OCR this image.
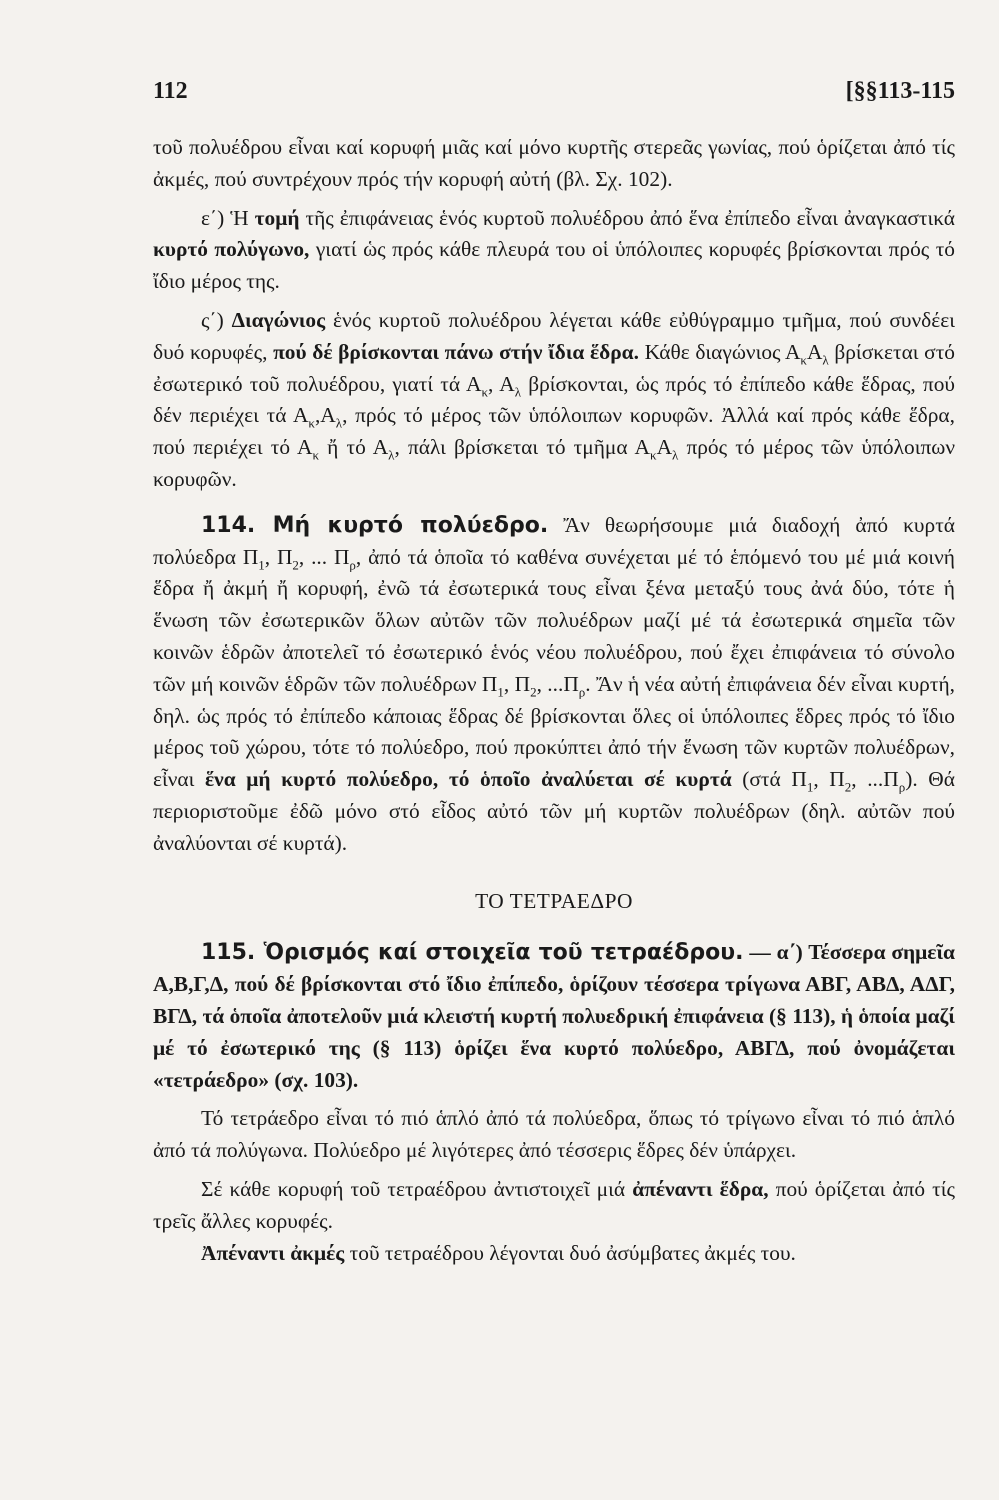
112	[§§113-115

τοῦ πολυέδρου εἶναι καί κορυφή μιᾶς καί μόνο κυρτῆς στερεᾶς γωνίας, πού ὁρίζεται ἀπό τίς ἀκμές, πού συντρέχουν πρός τήν κορυφή αὐτή (βλ. Σχ. 102).

ε΄) Ἡ τομή τῆς ἐπιφάνειας ἑνός κυρτοῦ πολυέδρου ἀπό ἕνα ἐπίπεδο εἶναι ἀναγκαστικά κυρτό πολύγωνο, γιατί ὡς πρός κάθε πλευρά του οἱ ὑπόλοιπες κορυφές βρίσκονται πρός τό ἴδιο μέρος της.

ς΄) Διαγώνιος ἑνός κυρτοῦ πολυέδρου λέγεται κάθε εὐθύγραμμο τμῆμα, πού συνδέει δυό κορυφές, πού δέ βρίσκονται πάνω στήν ἴδια ἕδρα. Κάθε διαγώνιος $A_\kappa A_\lambda$ βρίσκεται στό ἐσωτερικό τοῦ πολυέδρου, γιατί τά $A_\kappa$, $A_\lambda$ βρίσκονται, ὡς πρός τό ἐπίπεδο κάθε ἕδρας, πού δέν περιέχει τά $A_\kappa,A_\lambda$, πρός τό μέρος τῶν ὑπόλοιπων κορυφῶν. Ἀλλά καί πρός κάθε ἕδρα, πού περιέχει τό $A_\kappa$ ἤ τό $A_\lambda$, πάλι βρίσκεται τό τμῆμα $A_\kappa A_\lambda$ πρός τό μέρος τῶν ὑπόλοιπων κορυφῶν.

114. Μή κυρτό πολύεδρο. Ἄν θεωρήσουμε μιά διαδοχή ἀπό κυρτά πολύεδρα $\Pi_1$, $\Pi_2$, ... $\Pi_\rho$, ἀπό τά ὁποῖα τό καθένα συνέχεται μέ τό ἑπόμενό του μέ μιά κοινή ἕδρα ἤ ἀκμή ἤ κορυφή, ἐνῶ τά ἐσωτερικά τους εἶναι ξένα μεταξύ τους ἀνά δύο, τότε ἡ ἕνωση τῶν ἐσωτερικῶν ὅλων αὐτῶν τῶν πολυέδρων μαζί μέ τά ἐσωτερικά σημεῖα τῶν κοινῶν ἑδρῶν ἀποτελεῖ τό ἐσωτερικό ἑνός νέου πολυέδρου, πού ἔχει ἐπιφάνεια τό σύνολο τῶν μή κοινῶν ἑδρῶν τῶν πολυέδρων $\Pi_1$, $\Pi_2$, $...\Pi_\rho$. Ἄν ἡ νέα αὐτή ἐπιφάνεια δέν εἶναι κυρτή, δηλ. ὡς πρός τό ἐπίπεδο κάποιας ἕδρας δέ βρίσκονται ὅλες οἱ ὑπόλοιπες ἕδρες πρός τό ἴδιο μέρος τοῦ χώρου, τότε τό πολύεδρο, πού προκύπτει ἀπό τήν ἕνωση τῶν κυρτῶν πολυέδρων, εἶναι ἕνα μή κυρτό πολύεδρο, τό ὁποῖο ἀναλύεται σέ κυρτά (στά $\Pi_1$, $\Pi_2$, $...\Pi_\rho$). Θά περιοριστοῦμε ἐδῶ μόνο στό εἶδος αὐτό τῶν μή κυρτῶν πολυέδρων (δηλ. αὐτῶν πού ἀναλύονται σέ κυρτά).

ΤΟ ΤΕΤΡΑΕΔΡΟ

115. Ὁρισμός καί στοιχεῖα τοῦ τετραέδρου. — α΄) Τέσσερα σημεῖα Α,Β,Γ,Δ, πού δέ βρίσκονται στό ἴδιο ἐπίπεδο, ὁρίζουν τέσσερα τρίγωνα ΑΒΓ, ΑΒΔ, ΑΔΓ, ΒΓΔ, τά ὁποῖα ἀποτελοῦν μιά κλειστή κυρτή πολυεδρική ἐπιφάνεια (§ 113), ἡ ὁποία μαζί μέ τό ἐσωτερικό της (§ 113) ὁρίζει ἕνα κυρτό πολύεδρο, ΑΒΓΔ, πού ὀνομάζεται «τετράεδρο» (σχ. 103).

Τό τετράεδρο εἶναι τό πιό ἁπλό ἀπό τά πολύεδρα, ὅπως τό τρίγωνο εἶναι τό πιό ἁπλό ἀπό τά πολύγωνα. Πολύεδρο μέ λιγότερες ἀπό τέσσερις ἕδρες δέν ὑπάρχει.

Σέ κάθε κορυφή τοῦ τετραέδρου ἀντιστοιχεῖ μιά ἀπέναντι ἕδρα, πού ὁρίζεται ἀπό τίς τρεῖς ἄλλες κορυφές.

Ἀπέναντι ἀκμές τοῦ τετραέδρου λέγονται δυό ἀσύμβατες ἀκμές του.
